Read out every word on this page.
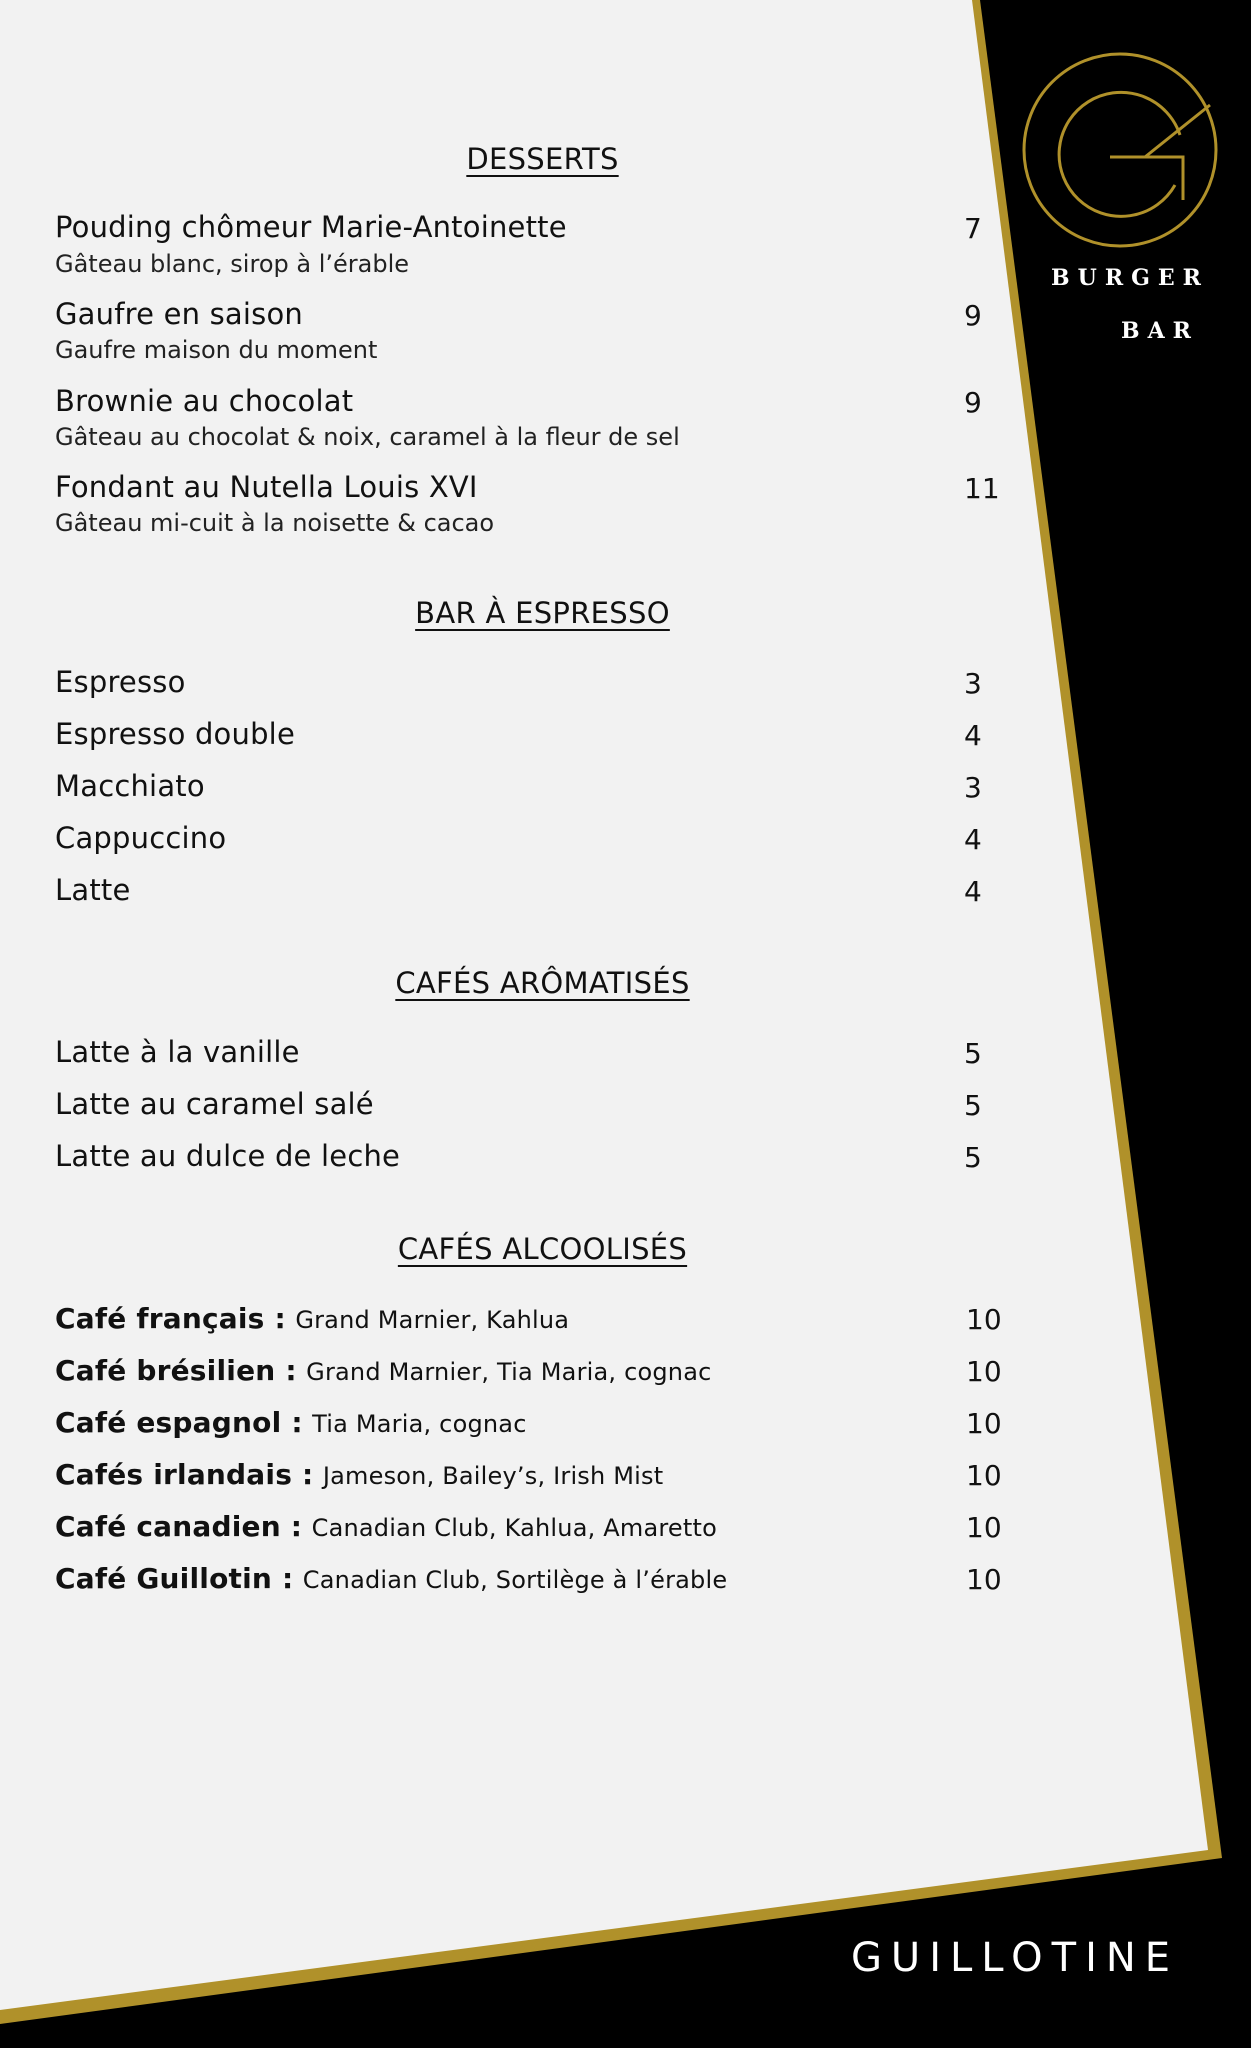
BURGER
BAR
GUILLOTINE
DESSERTS
Pouding chômeur Marie-Antoinette
Gâteau blanc, sirop à l’érable
7
Gaufre en saison
Gaufre maison du moment
9
Brownie au chocolat
Gâteau au chocolat & noix, caramel à la fleur de sel
9
Fondant au Nutella Louis XVI
Gâteau mi-cuit à la noisette & cacao
11
BAR À ESPRESSO
Espresso	3
Espresso double	4
Macchiato	3
Cappuccino	4
Latte	4
CAFÉS ARÔMATISÉS
Latte à la vanille	5
Latte au caramel salé	5
Latte au dulce de leche	5
CAFÉS ALCOOLISÉS
Café français : Grand Marnier, Kahlua	10
Café brésilien : Grand Marnier, Tia Maria, cognac	10
Café espagnol : Tia Maria, cognac	10
Cafés irlandais : Jameson, Bailey’s, Irish Mist	10
Café canadien : Canadian Club, Kahlua, Amaretto	10
Café Guillotin : Canadian Club, Sortilège à l’érable	10
